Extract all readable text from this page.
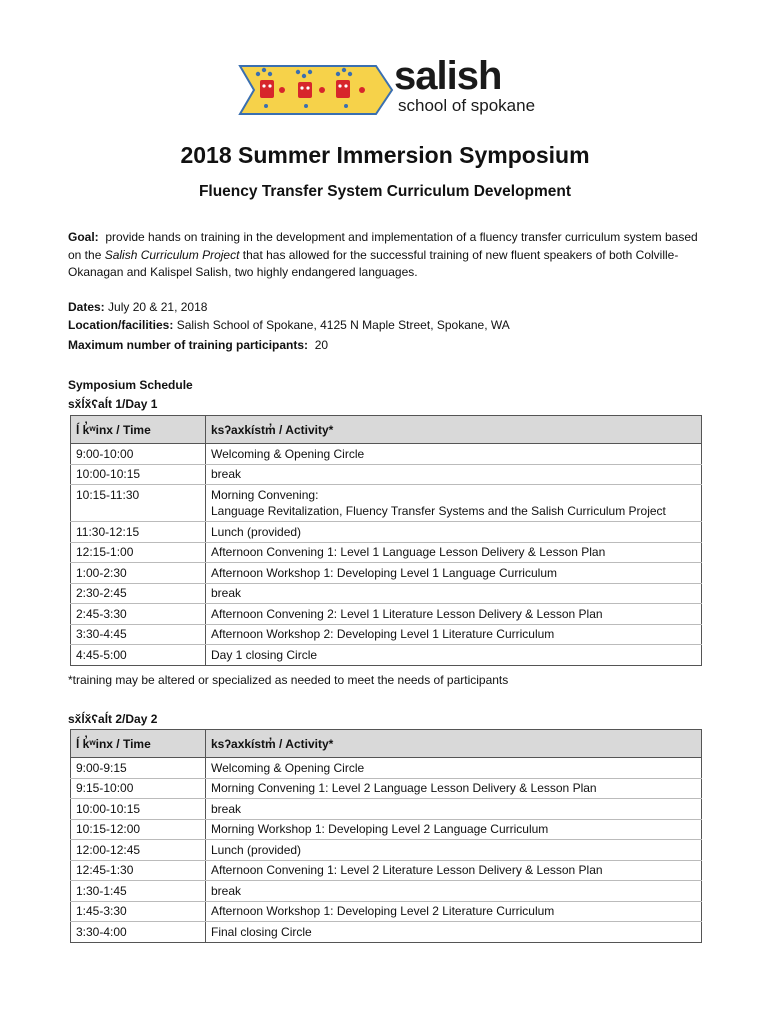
salish
school of spokane
2018 Summer Immersion Symposium
Fluency Transfer System Curriculum Development

Goal: provide hands on training in the development and implementation of a fluency transfer curriculum system based on the Salish Curriculum Project that has allowed for the successful training of new fluent speakers of both Colville-Okanagan and Kalispel Salish, two highly endangered languages.

Dates: July 20 & 21, 2018
Location/facilities: Salish School of Spokane, 4125 N Maple Street, Spokane, WA
Maximum number of training participants: 20
Symposium Schedule
sx̌ĺx̌ʕaĺt 1/Day 1
ĺ k̓ʷinx / Time	ksʔaxkístm̓ / Activity*
9:00-10:00	Welcoming & Opening Circle
10:00-10:15	break
10:15-11:30	Morning Convening:
Language Revitalization, Fluency Transfer Systems and the Salish Curriculum Project

11:30-12:15	Lunch (provided)
12:15-1:00	Afternoon Convening 1: Level 1 Language Lesson Delivery & Lesson Plan
1:00-2:30	Afternoon Workshop 1: Developing Level 1 Language Curriculum
2:30-2:45	break
2:45-3:30	Afternoon Convening 2: Level 1 Literature Lesson Delivery & Lesson Plan
3:30-4:45	Afternoon Workshop 2: Developing Level 1 Literature Curriculum
4:45-5:00	Day 1 closing Circle
*training may be altered or specialized as needed to meet the needs of participants
sx̌ĺx̌ʕaĺt 2/Day 2
ĺ k̓ʷinx / Time	ksʔaxkístm̓ / Activity*
9:00-9:15	Welcoming & Opening Circle
9:15-10:00	Morning Convening 1: Level 2 Language Lesson Delivery & Lesson Plan
10:00-10:15	break
10:15-12:00	Morning Workshop 1: Developing Level 2 Language Curriculum
12:00-12:45	Lunch (provided)
12:45-1:30	Afternoon Convening 1: Level 2 Literature Lesson Delivery & Lesson Plan
1:30-1:45	break
1:45-3:30	Afternoon Workshop 1: Developing Level 2 Literature Curriculum
3:30-4:00	Final closing Circle
